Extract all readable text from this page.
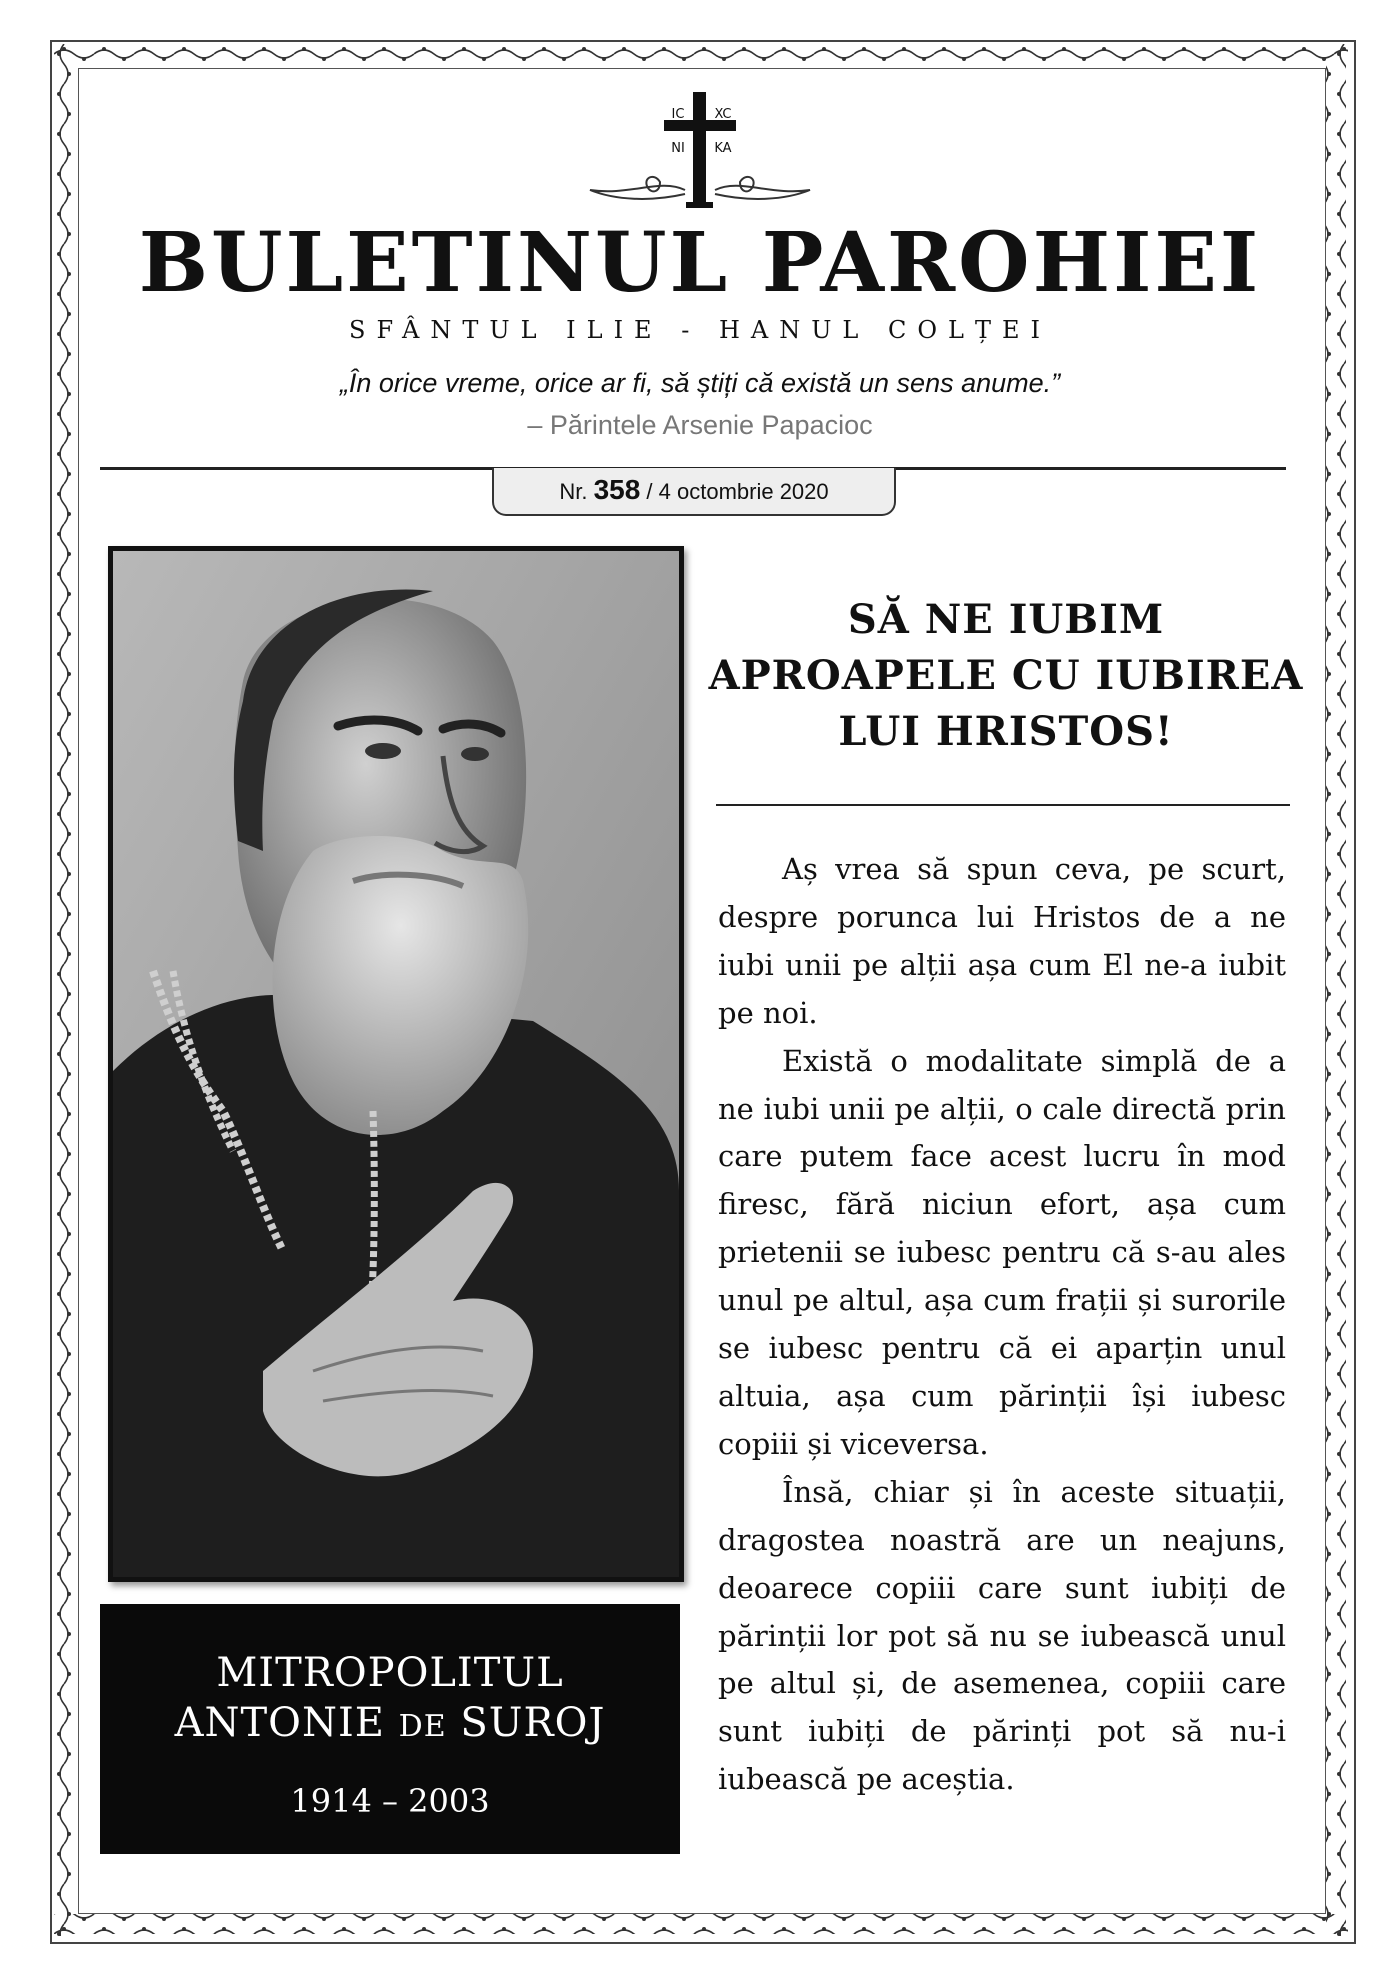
IC XC
NI KA
BULETINUL PAROHIEI
SFÂNTUL ILIE - HANUL COLȚEI
„În orice vreme, orice ar fi, să știți că există un sens anume.”
– Părintele Arsenie Papacioc
Nr. 358 / 4 octombrie 2020
MITROPOLITUL
ANTONIE DE SUROJ
1914 – 2003
SĂ NE IUBIM
APROAPELE CU IUBIREA
LUI HRISTOS!

Aș vrea să spun ceva, pe scurt, despre porunca lui Hristos de a ne iubi unii pe alții așa cum El ne-a iubit pe noi.

Există o modalitate simplă de a ne iubi unii pe alții, o cale directă prin care putem face acest lucru în mod firesc, fără niciun efort, așa cum prietenii se iubesc pentru că s-au ales unul pe altul, așa cum frații și surorile se iubesc pentru că ei aparțin unul altuia, așa cum părinții își iubesc copiii și viceversa.

Însă, chiar și în aceste situații, dragostea noastră are un neajuns, deoarece copiii care sunt iubiți de părinții lor pot să nu se iubească unul pe altul și, de asemenea, copiii care sunt iubiți de părinți pot să nu-i iubească pe aceștia.
